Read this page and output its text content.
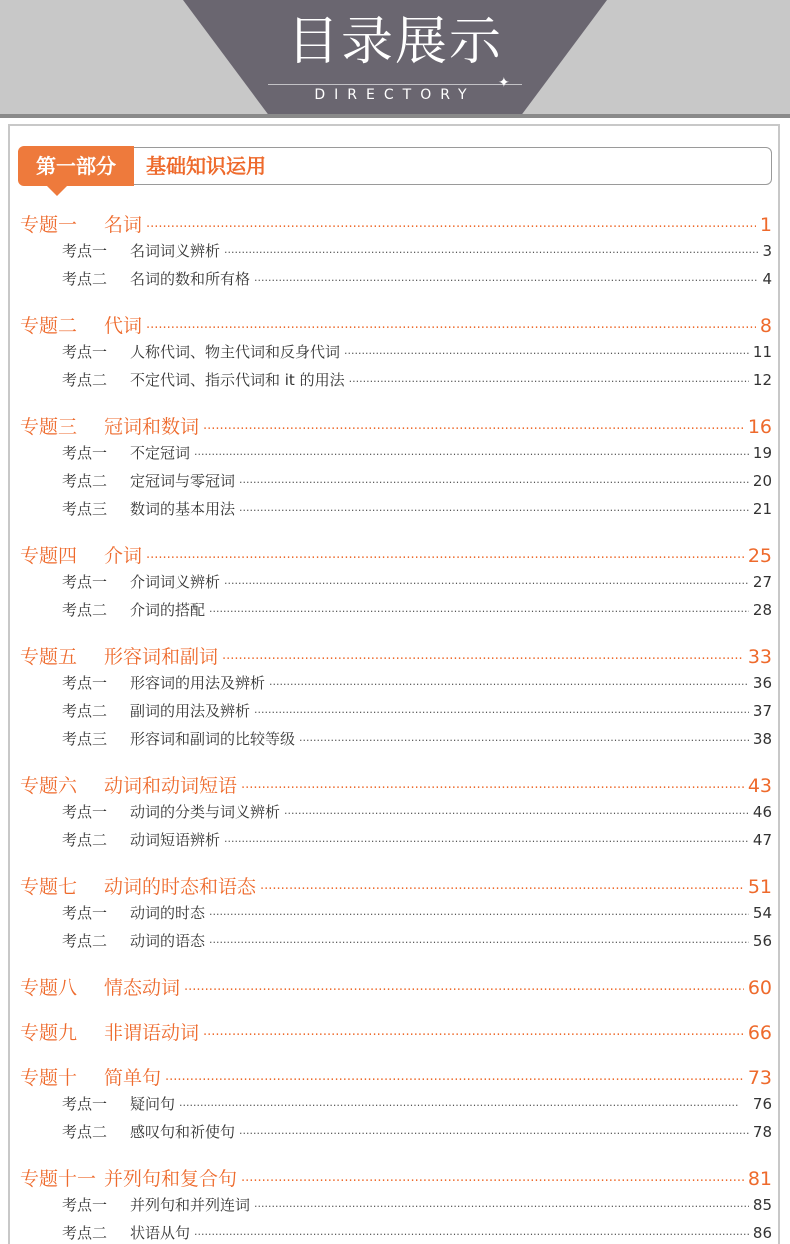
目录展示
✦
DIRECTORY
第一部分	基础知识运用
专题一	名词 ·····	1
考点一	名词词义辨析 ·····	3
考点二	名词的数和所有格 ·····	4
专题二	代词 ·····	8
考点一	人称代词、物主代词和反身代词 ·····	11
考点二	不定代词、指示代词和 it 的用法 ·····	12
专题三	冠词和数词 ·····	16
考点一	不定冠词 ·····	19
考点二	定冠词与零冠词 ·····	20
考点三	数词的基本用法 ·····	21
专题四	介词 ·····	25
考点一	介词词义辨析 ·····	27
考点二	介词的搭配 ·····	28
专题五	形容词和副词 ·····	33
考点一	形容词的用法及辨析 ·····	36
考点二	副词的用法及辨析 ·····	37
考点三	形容词和副词的比较等级 ·····	38
专题六	动词和动词短语 ·····	43
考点一	动词的分类与词义辨析 ·····	46
考点二	动词短语辨析 ·····	47
专题七	动词的时态和语态 ·····	51
考点一	动词的时态 ·····	54
考点二	动词的语态 ·····	56
专题八	情态动词 ·····	60
专题九	非谓语动词 ·····	66
专题十	简单句 ·····	73
考点一	疑问句 ·····	76
考点二	感叹句和祈使句 ·····	78
专题十一 并列句和复合句 ·····	81
考点一	并列句和并列连词 ·····	85
考点二	状语从句 ·····	86
